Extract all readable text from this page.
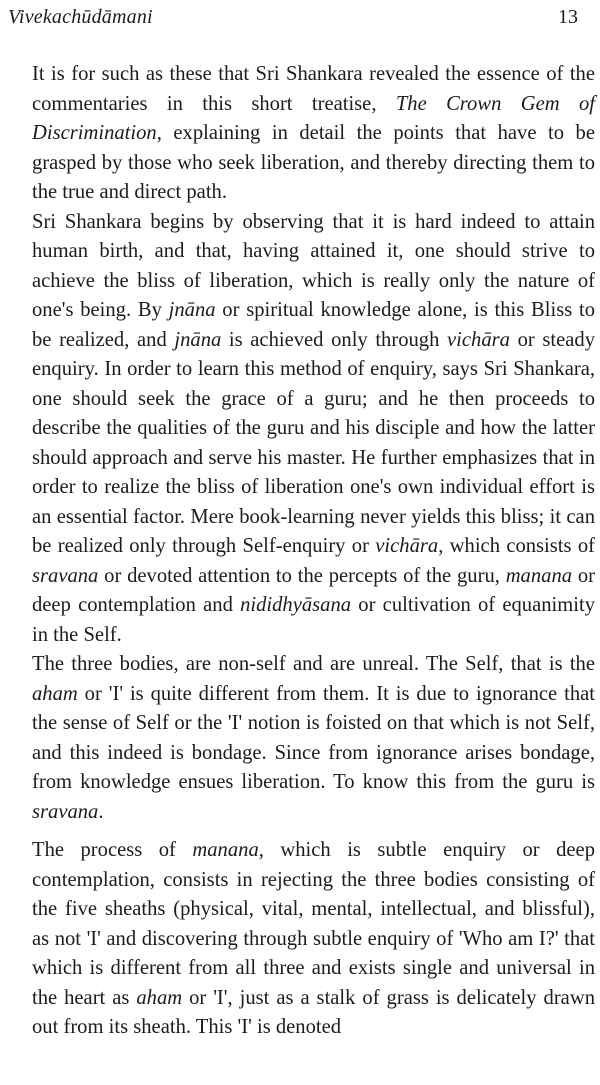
Vivekachūdāmani	13

It is for such as these that Sri Shankara revealed the essence of the commentaries in this short treatise, The Crown Gem of Discrimination, explaining in detail the points that have to be grasped by those who seek liberation, and thereby directing them to the true and direct path.

Sri Shankara begins by observing that it is hard indeed to attain human birth, and that, having attained it, one should strive to achieve the bliss of liberation, which is really only the nature of one's being. By jnāna or spiritual knowledge alone, is this Bliss to be realized, and jnāna is achieved only through vichāra or steady enquiry. In order to learn this method of enquiry, says Sri Shankara, one should seek the grace of a guru; and he then proceeds to describe the qualities of the guru and his disciple and how the latter should approach and serve his master. He further emphasizes that in order to realize the bliss of liberation one's own individual effort is an essential factor. Mere book-learning never yields this bliss; it can be realized only through Self-enquiry or vichāra, which consists of sravana or devoted attention to the percepts of the guru, manana or deep contemplation and nididhyāsana or cultivation of equanimity in the Self.

The three bodies, are non-self and are unreal. The Self, that is the aham or 'I' is quite different from them. It is due to ignorance that the sense of Self or the 'I' notion is foisted on that which is not Self, and this indeed is bondage. Since from ignorance arises bondage, from knowledge ensues liberation. To know this from the guru is sravana.

The process of manana, which is subtle enquiry or deep contemplation, consists in rejecting the three bodies consisting of the five sheaths (physical, vital, mental, intellectual, and blissful), as not 'I' and discovering through subtle enquiry of 'Who am I?' that which is different from all three and exists single and universal in the heart as aham or 'I', just as a stalk of grass is delicately drawn out from its sheath. This 'I' is denoted
